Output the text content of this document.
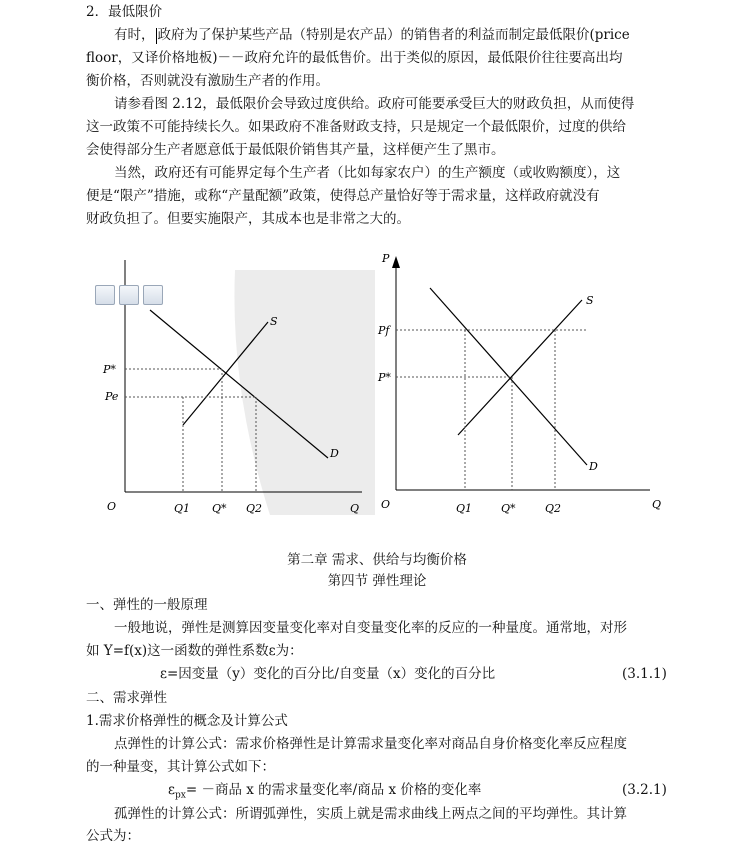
2．最低限价
有时， 政府为了保护某些产品（特别是农产品）的销售者的利益而制定最低限价(price
floor，又译价格地板)－－政府允许的最低售价。出于类似的原因，最低限价往往要高出均
衡价格，否则就没有激励生产者的作用。
请参看图 2.12，最低限价会导致过度供给。政府可能要承受巨大的财政负担，从而使得
这一政策不可能持续长久。如果政府不准备财政支持，只是规定一个最低限价，过度的供给
会使得部分生产者愿意低于最低限价销售其产量，这样便产生了黑市。
当然，政府还有可能界定每个生产者（比如每家农户）的生产额度（或收购额度），这
便是“限产”措施，或称“产量配额”政策，使得总产量恰好等于需求量，这样政府就没有
财政负担了。但要实施限产，其成本也是非常之大的。
P*
Pe
O	Q1 Q* Q2	Q
S
D
P
Pf
P*
O	Q1	Q*	Q2	Q
S
D
第二章 需求、供给与均衡价格
第四节 弹性理论
一、弹性的一般原理
一般地说，弹性是测算因变量变化率对自变量变化率的反应的一种量度。通常地，对形
如 Y=f(x)这一函数的弹性系数ε为：
ε=因变量（y）变化的百分比/自变量（x）变化的百分比	(3.1.1)
二、需求弹性
1.需求价格弹性的概念及计算公式
点弹性的计算公式：需求价格弹性是计算需求量变化率对商品自身价格变化率反应程度
的一种量变，其计算公式如下：
$\varepsilon_{px}=$ －商品 x 的需求量变化率/商品 x 价格的变化率	(3.2.1)
孤弹性的计算公式：所谓弧弹性，实质上就是需求曲线上两点之间的平均弹性。其计算
公式为：
